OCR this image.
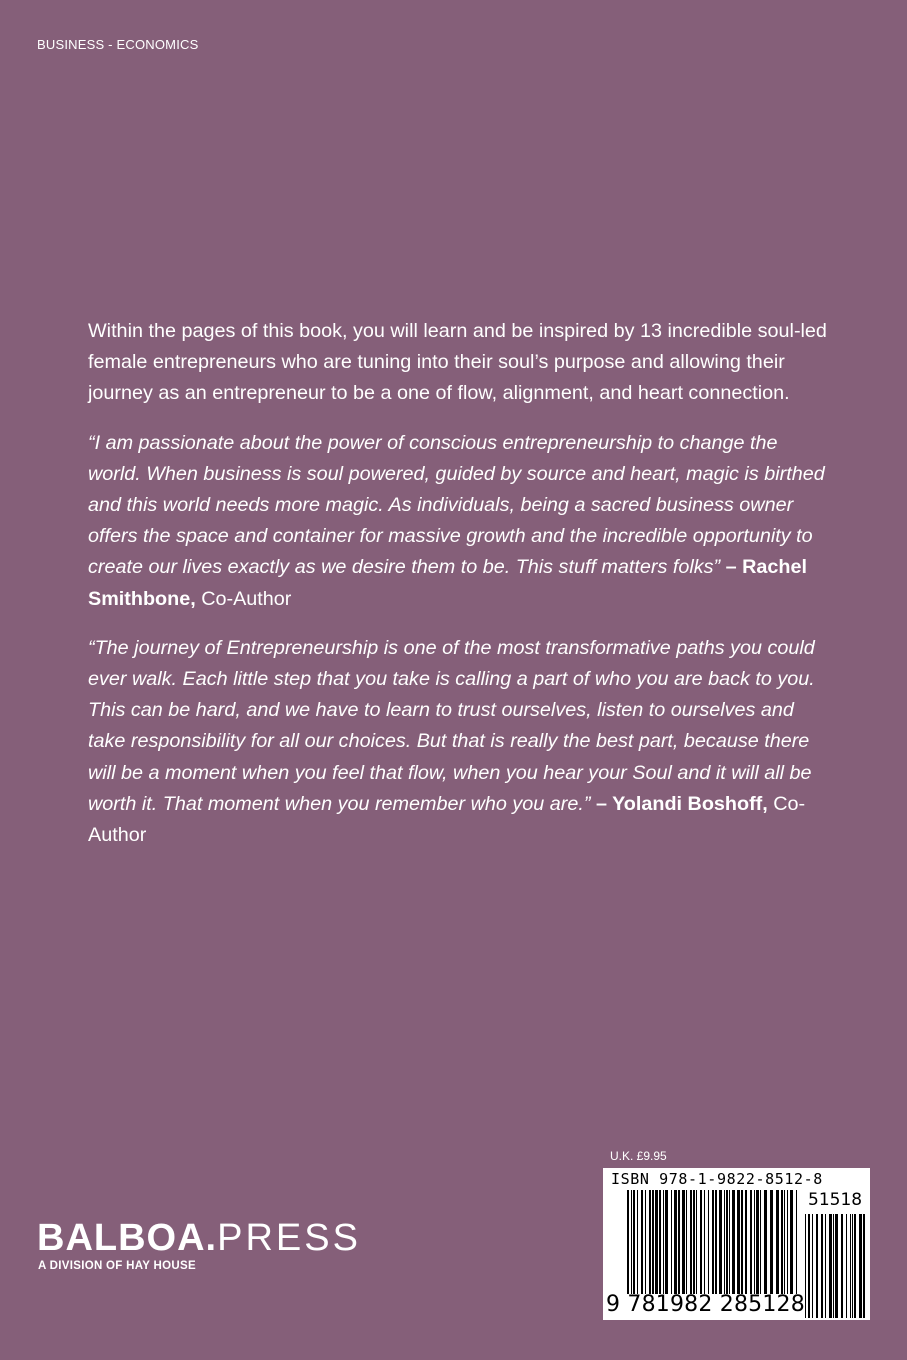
BUSINESS - ECONOMICS

Within the pages of this book, you will learn and be inspired by 13 incredible soul-led female entrepreneurs who are tuning into their soul’s purpose and allowing their journey as an entrepreneur to be a one of flow, alignment, and heart connection.

“I am passionate about the power of conscious entrepreneurship to change the world. When business is soul powered, guided by source and heart, magic is birthed and this world needs more magic. As individuals, being a sacred business owner offers the space and container for massive growth and the incredible opportunity to create our lives exactly as we desire them to be. This stuff matters folks” – Rachel Smithbone, Co-Author

“The journey of Entrepreneurship is one of the most transformative paths you could ever walk. Each little step that you take is calling a part of who you are back to you. This can be hard, and we have to learn to trust ourselves, listen to ourselves and take responsibility for all our choices. But that is really the best part, because there will be a moment when you feel that flow, when you hear your Soul and it will all be worth it. That moment when you remember who you are.” – Yolandi Boshoff, Co-Author

BALBOA.PRESS
A DIVISION OF HAY HOUSE
U.K. £9.95
ISBN 978-1-9822-8512-8
51518
9 781982 285128
